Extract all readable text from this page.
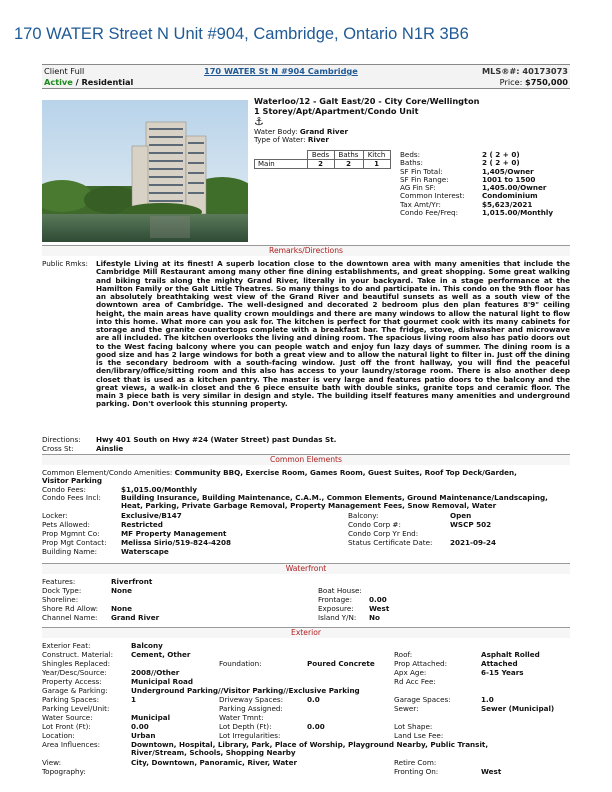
170 WATER Street N Unit #904, Cambridge, Ontario N1R 3B6
Client Full
Active / Residential
170 WATER St N #904 Cambridge	MLS®#: 40173073
Price: $750,000
Waterloo/12 - Galt East/20 - City Core/Wellington
1 Storey/Apt/Apartment/Condo Unit
⚓
Water Body: Grand River
Type of Water: River
	Beds	Baths	Kitch
Main	2	2	1
Beds:	2 ( 2 + 0)
Baths:	2 ( 2 + 0)
SF Fin Total:	1,405/Owner
SF Fin Range:	1001 to 1500
AG Fin SF:	1,405.00/Owner
Common Interest: Condominium
Tax Amt/Yr:	$5,623/2021
Condo Fee/Freq:	1,015.00/Monthly
Remarks/Directions
Public Rmks: Lifestyle Living at its finest! A superb location close to the downtown area with many amenities that include the Cambridge Mill Restaurant among many other fine dining establishments, and great shopping. Some great walking and biking trails along the mighty Grand River, literally in your backyard. Take in a stage performance at the Hamilton Family or the Galt Little Theatres. So many things to do and participate in. This condo on the 9th floor has an absolutely breathtaking west view of the Grand River and beautiful sunsets as well as a south view of the downtown area of Cambridge. The well-designed and decorated 2 bedroom plus den plan features 8'9" ceiling height, the main areas have quality crown mouldings and there are many windows to allow the natural light to flow into this home. What more can you ask for. The kitchen is perfect for that gourmet cook with its many cabinets for storage and the granite countertops complete with a breakfast bar. The fridge, stove, dishwasher and microwave are all included. The kitchen overlooks the living and dining room. The spacious living room also has patio doors out to the West facing balcony where you can people watch and enjoy fun lazy days of summer. The dining room is a good size and has 2 large windows for both a great view and to allow the natural light to filter in. Just off the dining is the secondary bedroom with a south-facing window. Just off the front hallway, you will find the peaceful den/library/office/sitting room and this also has access to your laundry/storage room. There is also another deep closet that is used as a kitchen pantry. The master is very large and features patio doors to the balcony and the great views, a walk-in closet and the 6 piece ensuite bath with double sinks, granite tops and ceramic floor. The main 3 piece bath is very similar in design and style. The building itself features many amenities and underground parking. Don't overlook this stunning property.
Directions: Hwy 401 South on Hwy #24 (Water Street) past Dundas St.
Cross St:	Ainslie
Common Elements
Common Element/Condo Amenities: Community BBQ, Exercise Room, Games Room, Guest Suites, Roof Top Deck/Garden,
Visitor Parking
Condo Fees:	$1,015.00/Monthly
Condo Fees Incl:	Building Insurance, Building Maintenance, C.A.M., Common Elements, Ground Maintenance/Landscaping,
Heat, Parking, Private Garbage Removal, Property Management Fees, Snow Removal, Water
Locker:	Exclusive/B147	Balcony:	Open
Pets Allowed:	Restricted	Condo Corp #:	WSCP 502
Prop Mgmnt Co:	MF Property Management	Condo Corp Yr End:
Prop Mgt Contact: Melissa Sirio/519-824-4208	Status Certificate Date: 2021-09-24
Building Name:	Waterscape
Waterfront
Features:	Riverfront
Dock Type:	None
Shoreline:
Shore Rd Allow: None
Channel Name: Grand River
Boat House:
Frontage: 0.00
Exposure: West
Island Y/N: No
Exterior
Exterior Feat:	Balcony
Construct. Material: Cement, Other	Roof:	Asphalt Rolled
Shingles Replaced:	Foundation:	Poured Concrete	Prop Attached:	Attached
Year/Desc/Source:	2008//Other	Apx Age:	6-15 Years
Property Access:	Municipal Road	Rd Acc Fee:
Garage & Parking:	Underground Parking//Visitor Parking//Exclusive Parking
Parking Spaces:	1	Driveway Spaces:	0.0	Garage Spaces:	1.0
Parking Level/Unit:	Parking Assigned:	Sewer:	Sewer (Municipal)
Water Source:	Municipal	Water Tmnt:
Lot Front (Ft):	0.00	Lot Depth (Ft):	0.00	Lot Shape:
Location:	Urban	Lot Irregularities:	Land Lse Fee:
Area Influences:	Downtown, Hospital, Library, Park, Place of Worship, Playground Nearby, Public Transit,
River/Stream, Schools, Shopping Nearby
View:	City, Downtown, Panoramic, River, Water	Retire Com:
Topography:	Fronting On:	West
